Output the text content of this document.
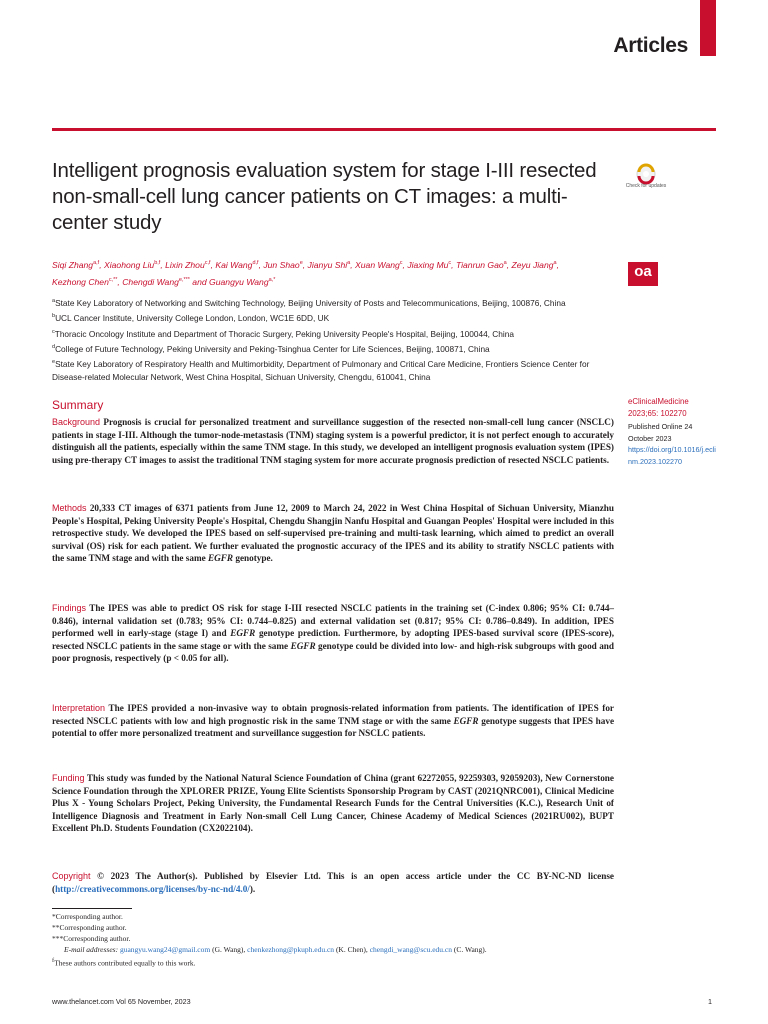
Articles
Intelligent prognosis evaluation system for stage I-III resected non-small-cell lung cancer patients on CT images: a multi-center study
Check for updates
oa
Siqi Zhang$^{a,f}$, Xiaohong Liu$^{b,f}$, Lixin Zhou$^{c,f}$, Kai Wang$^{d,f}$, Jun Shao$^e$, Jianyu Shi$^a$, Xuan Wang$^c$, Jiaxing Mu$^c$, Tianrun Gao$^a$, Zeyu Jiang$^a$, Kezhong Chen$^{c,**}$, Chengdi Wang$^{e,***}$ and Guangyu Wang$^{a,*}$
$^a$State Key Laboratory of Networking and Switching Technology, Beijing University of Posts and Telecommunications, Beijing, 100876, China
$^b$UCL Cancer Institute, University College London, London, WC1E 6DD, UK
$^c$Thoracic Oncology Institute and Department of Thoracic Surgery, Peking University People's Hospital, Beijing, 100044, China
$^d$College of Future Technology, Peking University and Peking-Tsinghua Center for Life Sciences, Beijing, 100871, China
$^e$State Key Laboratory of Respiratory Health and Multimorbidity, Department of Pulmonary and Critical Care Medicine, Frontiers Science Center for Disease-related Molecular Network, West China Hospital, Sichuan University, Chengdu, 610041, China
eClinicalMedicine
2023;65: 102270
Published Online 24 October 2023
https://doi.org/10.1016/j.eclinm.2023.102270
Summary

Background Prognosis is crucial for personalized treatment and surveillance suggestion of the resected non-small-cell lung cancer (NSCLC) patients in stage I-III. Although the tumor-node-metastasis (TNM) staging system is a powerful predictor, it is not perfect enough to accurately distinguish all the patients, especially within the same TNM stage. In this study, we developed an intelligent prognosis evaluation system (IPES) using pre-therapy CT images to assist the traditional TNM staging system for more accurate prognosis prediction of resected NSCLC patients.

Methods 20,333 CT images of 6371 patients from June 12, 2009 to March 24, 2022 in West China Hospital of Sichuan University, Mianzhu People's Hospital, Peking University People's Hospital, Chengdu Shangjin Nanfu Hospital and Guangan Peoples' Hospital were included in this retrospective study. We developed the IPES based on self-supervised pre-training and multi-task learning, which aimed to predict an overall survival (OS) risk for each patient. We further evaluated the prognostic accuracy of the IPES and its ability to stratify NSCLC patients with the same TNM stage and with the same EGFR genotype.

Findings The IPES was able to predict OS risk for stage I-III resected NSCLC patients in the training set (C-index 0.806; 95% CI: 0.744–0.846), internal validation set (0.783; 95% CI: 0.744–0.825) and external validation set (0.817; 95% CI: 0.786–0.849). In addition, IPES performed well in early-stage (stage I) and EGFR genotype prediction. Furthermore, by adopting IPES-based survival score (IPES-score), resected NSCLC patients in the same stage or with the same EGFR genotype could be divided into low- and high-risk subgroups with good and poor prognosis, respectively (p < 0.05 for all).

Interpretation The IPES provided a non-invasive way to obtain prognosis-related information from patients. The identification of IPES for resected NSCLC patients with low and high prognostic risk in the same TNM stage or with the same EGFR genotype suggests that IPES have potential to offer more personalized treatment and surveillance suggestion for NSCLC patients.

Funding This study was funded by the National Natural Science Foundation of China (grant 62272055, 92259303, 92059203), New Cornerstone Science Foundation through the XPLORER PRIZE, Young Elite Scientists Sponsorship Program by CAST (2021QNRC001), Clinical Medicine Plus X - Young Scholars Project, Peking University, the Fundamental Research Funds for the Central Universities (K.C.), Research Unit of Intelligence Diagnosis and Treatment in Early Non-small Cell Lung Cancer, Chinese Academy of Medical Sciences (2021RU002), BUPT Excellent Ph.D. Students Foundation (CX2022104).

Copyright © 2023 The Author(s). Published by Elsevier Ltd. This is an open access article under the CC BY-NC-ND license (http://creativecommons.org/licenses/by-nc-nd/4.0/).

*Corresponding author.
**Corresponding author.
***Corresponding author.
E-mail addresses: guangyu.wang24@gmail.com (G. Wang), chenkezhong@pkuph.edu.cn (K. Chen), chengdi_wang@scu.edu.cn (C. Wang).
$^f$These authors contributed equally to this work.
www.thelancet.com Vol 65 November, 2023	1
